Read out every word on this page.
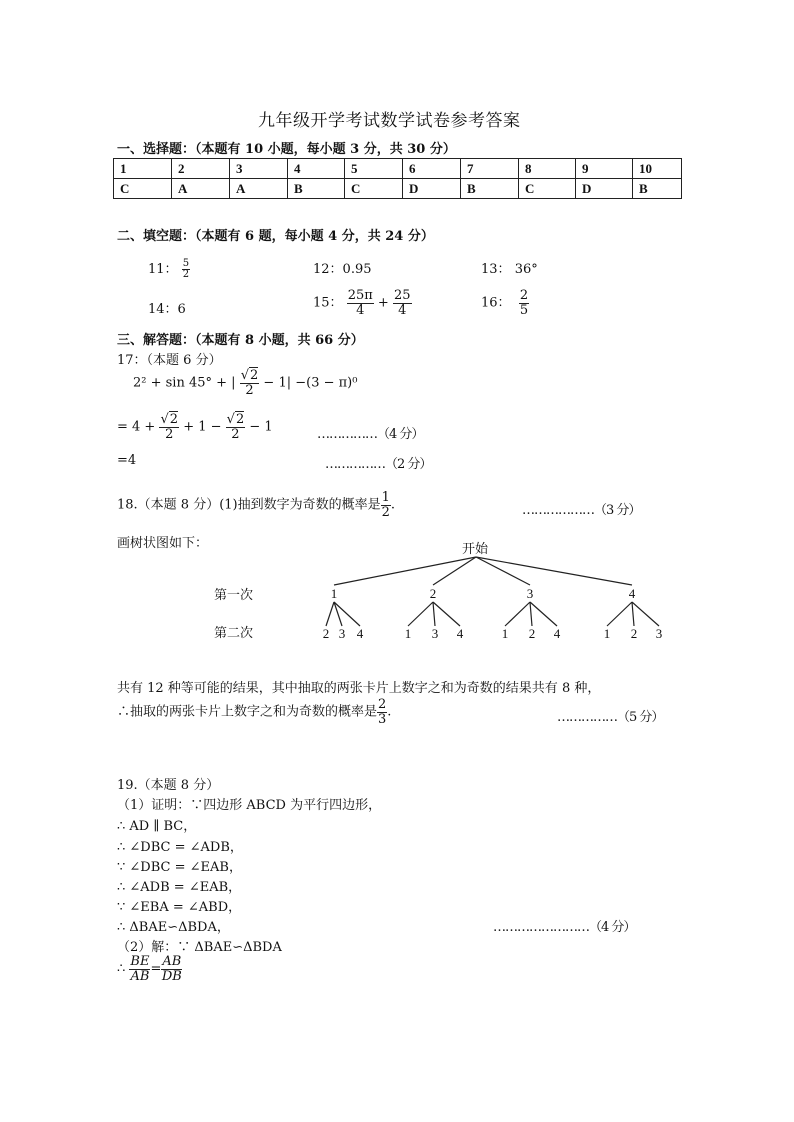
九年级开学考试数学试卷参考答案
一、选择题：（本题有 10 小题，每小题 3 分，共 30 分）
1	2	3	4	5	6	7	8	9	10
C	A	A	B	C	D	B	C	D	B
二、填空题：（本题有 6 题，每小题 4 分，共 24 分）
11： $\frac{5}{2}$	12：0.95	13： 36°
14：6	15： $\frac{25\pi}{4} + \frac{25}{4}$	16： $\frac{2}{5}$
三、解答题：（本题有 8 小题，共 66 分）
17：（本题 6 分）
2² + sin 45° + | $\frac{√2}{2} - 1| -(3 - \pi)^0$
= $4 + \frac{√2}{2} + 1 - \frac{√2}{2} - 1$	……………（4 分）
=4	……………（2 分）
18.（本题 8 分）(1)抽到数字为奇数的概率是 $\frac{1}{2}$ .	………………（3 分）
画树状图如下：	开始
第一次
第二次
1
2 3 4
2
1 3 4
3
1 2 4
4
1 2 3
共有 12 种等可能的结果，其中抽取的两张卡片上数字之和为奇数的结果共有 8 种，
∴抽取的两张卡片上数字之和为奇数的概率是 $\frac{2}{3}$ .	……………（5 分）
19.（本题 8 分）
（1）证明：∵四边形 ABCD 为平行四边形，
∴ AD ∥ BC，
∴ ∠DBC = ∠ADB，
∵ ∠DBC = ∠EAB，
∴ ∠ADB = ∠EAB，
∵ ∠EBA = ∠ABD，
∴ ΔBAE∽ΔBDA，	……………………（4 分）
（2）解：∵ ΔBAE∽ΔBDA
∴ $\frac{BE}{AB} = \frac{AB}{DB}$
